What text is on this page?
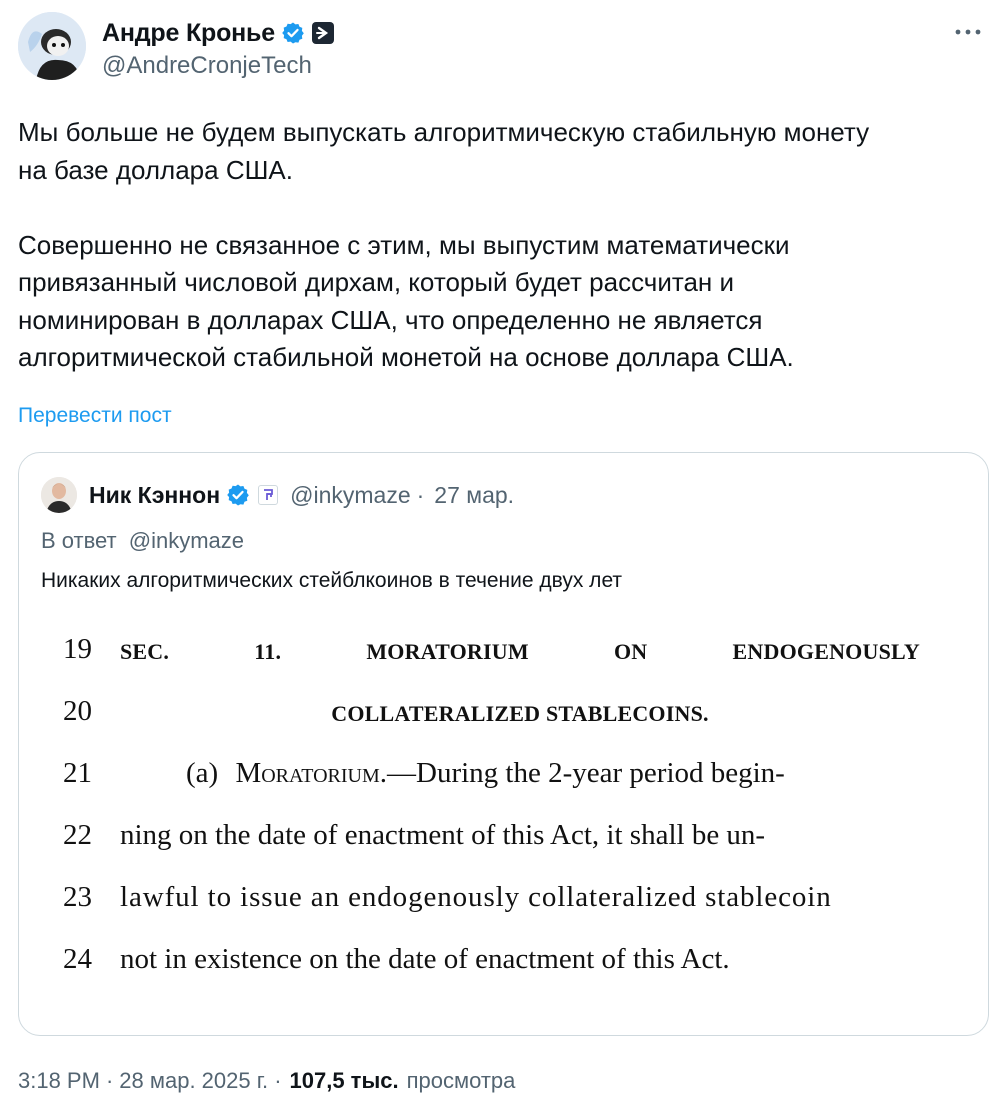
Андре Кронье
@AndreCronjeTech

Мы больше не будем выпускать алгоритмическую стабильную монету

на базе доллара США.

Совершенно не связанное с этим, мы выпустим математически

привязанный числовой дирхам, который будет рассчитан и

номинирован в долларах США, что определенно не является

алгоритмической стабильной монетой на основе доллара США.

Перевести пост
Ник Кэннон	@inkymaze · 27 мар.
В ответ @inkymaze
Никаких алгоритмических стейблкоинов в течение двух лет
19	SEC.	11.	MORATORIUM	ON	ENDOGENOUSLY
20	COLLATERALIZED STABLECOINS.
21	(a) Moratorium.—During the 2-year period begin-
22 ning on the date of enactment of this Act, it shall be un-
23 lawful to issue an endogenously collateralized stablecoin
24 not in existence on the date of enactment of this Act.
3:18 PM · 28 мар. 2025 г. · 107,5 тыс. просмотра
